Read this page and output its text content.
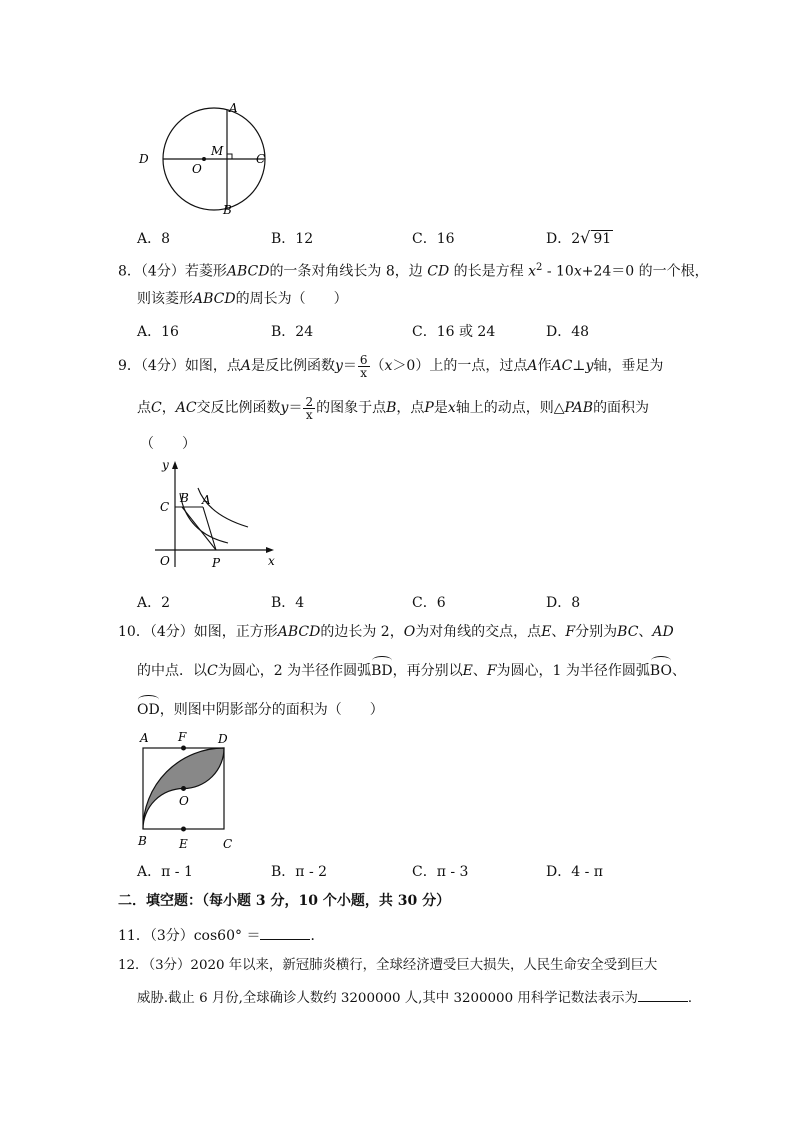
A
B
C
D
M
O
A．8	B．12	C．16	D．2√ 91
8．（4分）若菱形ABCD的一条对角线长为 8，边 CD 的长是方程 $x^2 - 10x+24=0$ 的一个根，
则该菱形ABCD的周长为（　　）
A．16	B．24	C．16 或 24	D．48
9．（4分）如图，点A是反比例函数$y= \frac{6}{x} (x>0)$上的一点，过点A作AC⊥y轴，垂足为
点C，AC交反比例函数$y= \frac{2}{x}$ 的图象于点B，点P是x轴上的动点，则△PAB的面积为
（　　）
y
x
C
B A
O	P
A．2	B．4	C．6	D．8
10．（4分）如图，正方形ABCD的边长为 2，O为对角线的交点，点E、F分别为BC、AD
的中点．以C为圆心，2 为半径作圆弧BD，再分别以E、F为圆心，1 为半径作圆弧BO、
OD，则图中阴影部分的面积为（　　）
A F	D
O
B	E	C
A．π - 1	B．π - 2	C．π - 3	D．4 - π
二．填空题：（每小题 3 分，10 个小题，共 30 分）
11．（3分）cos60° ＝	．
12．（3分）2020 年以来，新冠肺炎横行，全球经济遭受巨大损失，人民生命安全受到巨大
威胁.截止 6 月份,全球确诊人数约 3200000 人,其中 3200000 用科学记数法表示为	．
